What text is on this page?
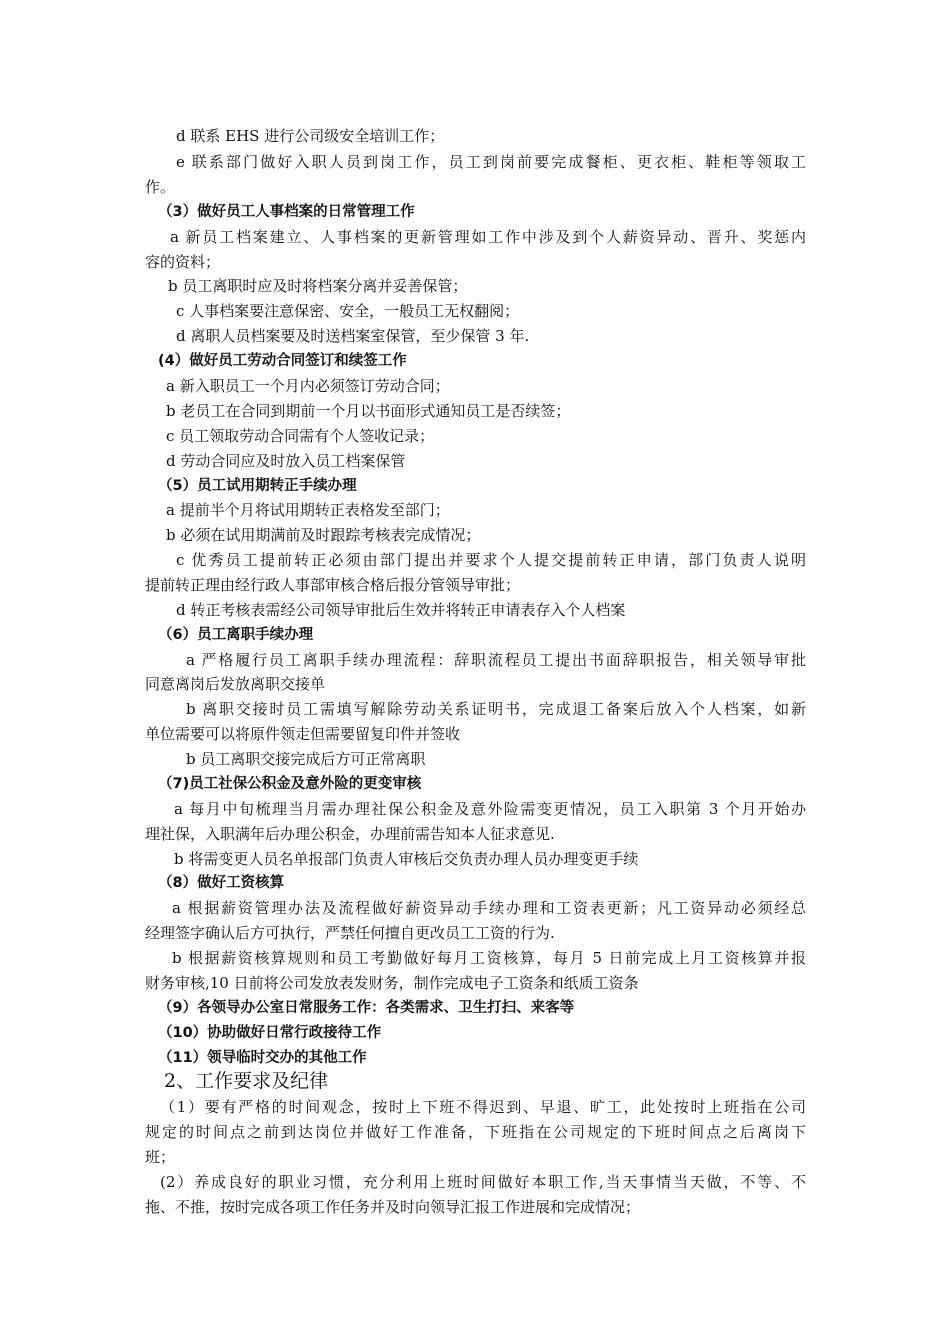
d 联系 EHS 进行公司级安全培训工作；
e 联系部门做好入职人员到岗工作，员工到岗前要完成餐柜、更衣柜、鞋柜等领取工
作。
（3）做好员工人事档案的日常管理工作
a 新员工档案建立、人事档案的更新管理如工作中涉及到个人薪资异动、晋升、奖惩内
容的资料；
b 员工离职时应及时将档案分离并妥善保管；
c 人事档案要注意保密、安全，一般员工无权翻阅；
d 离职人员档案要及时送档案室保管，至少保管 3 年.
(4）做好员工劳动合同签订和续签工作
a 新入职员工一个月内必须签订劳动合同；
b 老员工在合同到期前一个月以书面形式通知员工是否续签；
c 员工领取劳动合同需有个人签收记录；
d 劳动合同应及时放入员工档案保管
（5）员工试用期转正手续办理
a 提前半个月将试用期转正表格发至部门；
b 必须在试用期满前及时跟踪考核表完成情况；
c 优秀员工提前转正必须由部门提出并要求个人提交提前转正申请，部门负责人说明
提前转正理由经行政人事部审核合格后报分管领导审批；
d 转正考核表需经公司领导审批后生效并将转正申请表存入个人档案
（6）员工离职手续办理
a 严格履行员工离职手续办理流程：辞职流程员工提出书面辞职报告，相关领导审批
同意离岗后发放离职交接单
b 离职交接时员工需填写解除劳动关系证明书，完成退工备案后放入个人档案，如新
单位需要可以将原件领走但需要留复印件并签收
b 员工离职交接完成后方可正常离职
（7)员工社保公积金及意外险的更变审核
a 每月中旬梳理当月需办理社保公积金及意外险需变更情况，员工入职第 3 个月开始办
理社保，入职满年后办理公积金，办理前需告知本人征求意见.
b 将需变更人员名单报部门负责人审核后交负责办理人员办理变更手续
（8）做好工资核算
a 根据薪资管理办法及流程做好薪资异动手续办理和工资表更新；凡工资异动必须经总
经理签字确认后方可执行，严禁任何擅自更改员工工资的行为.
b 根据薪资核算规则和员工考勤做好每月工资核算，每月 5 日前完成上月工资核算并报
财务审核,10 日前将公司发放表发财务，制作完成电子工资条和纸质工资条
（9）各领导办公室日常服务工作：各类需求、卫生打扫、来客等
（10）协助做好日常行政接待工作
（11）领导临时交办的其他工作
2、工作要求及纪律
（1）要有严格的时间观念，按时上下班不得迟到、早退、旷工，此处按时上班指在公司
规定的时间点之前到达岗位并做好工作准备，下班指在公司规定的下班时间点之后离岗下
班；
(2）养成良好的职业习惯，充分利用上班时间做好本职工作,当天事情当天做，不等、不
拖、不推，按时完成各项工作任务并及时向领导汇报工作进展和完成情况；
